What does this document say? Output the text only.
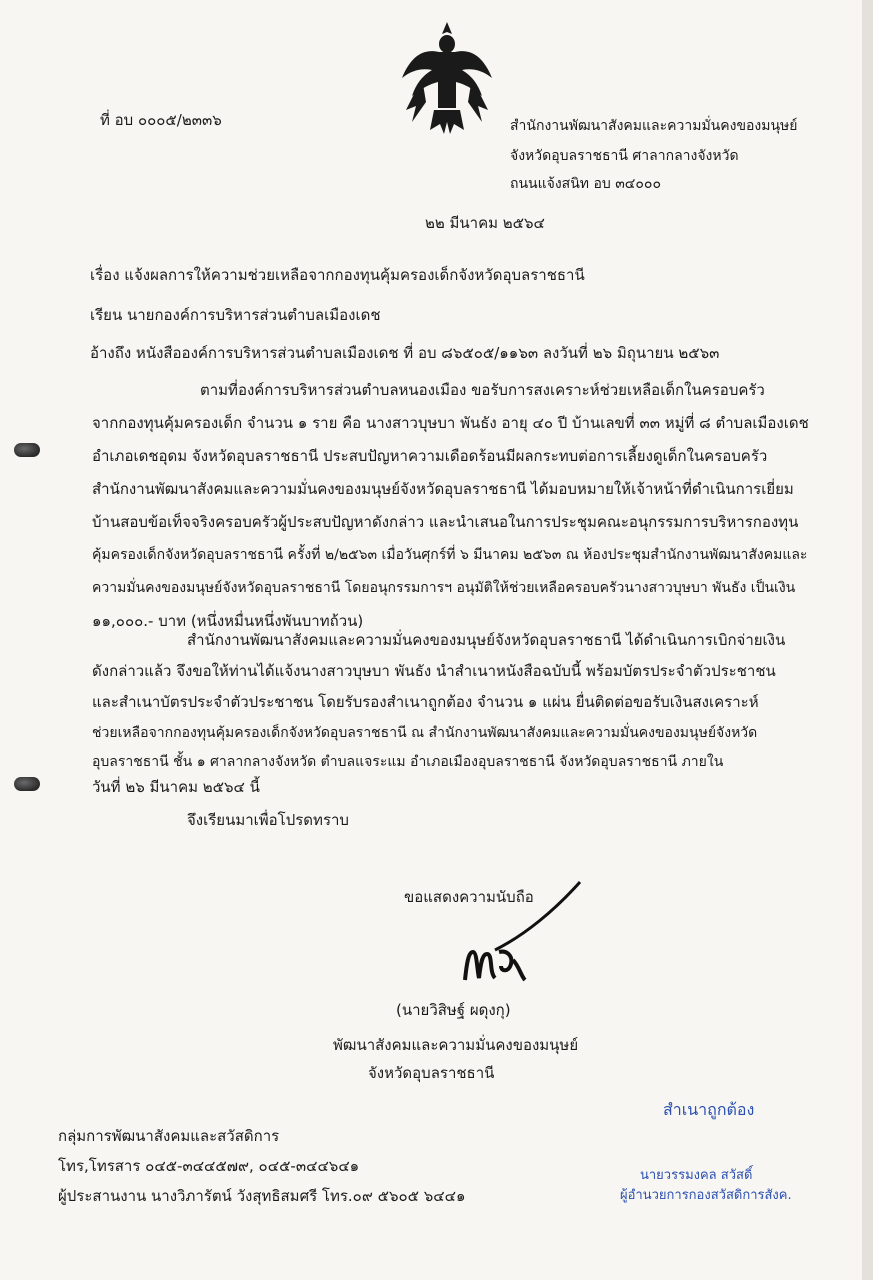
ที่ อบ ๐๐๐๕/๒๓๓๖	สำนักงานพัฒนาสังคมและความมั่นคงของมนุษย์
จังหวัดอุบลราชธานี ศาลากลางจังหวัด
ถนนแจ้งสนิท อบ ๓๔๐๐๐
๒๒ มีนาคม ๒๕๖๔
เรื่อง แจ้งผลการให้ความช่วยเหลือจากกองทุนคุ้มครองเด็กจังหวัดอุบลราชธานี
เรียน นายกองค์การบริหารส่วนตำบลเมืองเดช
อ้างถึง หนังสือองค์การบริหารส่วนตำบลเมืองเดช ที่ อบ ๘๖๕๐๕/๑๑๖๓ ลงวันที่ ๒๖ มิถุนายน ๒๕๖๓
ตามที่องค์การบริหารส่วนตำบลหนองเมือง ขอรับการสงเคราะห์ช่วยเหลือเด็กในครอบครัว
จากกองทุนคุ้มครองเด็ก จำนวน ๑ ราย คือ นางสาวบุษบา พันธัง อายุ ๔๐ ปี บ้านเลขที่ ๓๓ หมู่ที่ ๘ ตำบลเมืองเดช
อำเภอเดชอุดม จังหวัดอุบลราชธานี ประสบปัญหาความเดือดร้อนมีผลกระทบต่อการเลี้ยงดูเด็กในครอบครัว
สำนักงานพัฒนาสังคมและความมั่นคงของมนุษย์จังหวัดอุบลราชธานี ได้มอบหมายให้เจ้าหน้าที่ดำเนินการเยี่ยม
บ้านสอบข้อเท็จจริงครอบครัวผู้ประสบปัญหาดังกล่าว และนำเสนอในการประชุมคณะอนุกรรมการบริหารกองทุน
คุ้มครองเด็กจังหวัดอุบลราชธานี ครั้งที่ ๒/๒๕๖๓ เมื่อวันศุกร์ที่ ๖ มีนาคม ๒๕๖๓ ณ ห้องประชุมสำนักงานพัฒนาสังคมและ
ความมั่นคงของมนุษย์จังหวัดอุบลราชธานี โดยอนุกรรมการฯ อนุมัติให้ช่วยเหลือครอบครัวนางสาวบุษบา พันธัง เป็นเงิน
๑๑,๐๐๐.- บาท (หนึ่งหมื่นหนึ่งพันบาทถ้วน)
สำนักงานพัฒนาสังคมและความมั่นคงของมนุษย์จังหวัดอุบลราชธานี ได้ดำเนินการเบิกจ่ายเงิน
ดังกล่าวแล้ว จึงขอให้ท่านได้แจ้งนางสาวบุษบา พันธัง นำสำเนาหนังสือฉบับนี้ พร้อมบัตรประจำตัวประชาชน
และสำเนาบัตรประจำตัวประชาชน โดยรับรองสำเนาถูกต้อง จำนวน ๑ แผ่น ยื่นติดต่อขอรับเงินสงเคราะห์
ช่วยเหลือจากกองทุนคุ้มครองเด็กจังหวัดอุบลราชธานี ณ สำนักงานพัฒนาสังคมและความมั่นคงของมนุษย์จังหวัด
อุบลราชธานี ชั้น ๑ ศาลากลางจังหวัด ตำบลแจระแม อำเภอเมืองอุบลราชธานี จังหวัดอุบลราชธานี ภายใน
วันที่ ๒๖ มีนาคม ๒๕๖๔ นี้
จึงเรียนมาเพื่อโปรดทราบ
ขอแสดงความนับถือ
(นายวิสิษฐ์ ผดุงกุ)
พัฒนาสังคมและความมั่นคงของมนุษย์
จังหวัดอุบลราชธานี
สำเนาถูกต้อง
นายวรรมงคล สวัสดิ์
ผู้อำนวยการกองสวัสดิการสังค.
กลุ่มการพัฒนาสังคมและสวัสดิการ
โทร,โทรสาร ๐๔๕-๓๔๔๕๗๙, ๐๔๕-๓๔๔๖๔๑
ผู้ประสานงาน นางวิภารัตน์ วังสุทธิสมศรี โทร.๐๙ ๕๖๐๕ ๖๔๔๑
